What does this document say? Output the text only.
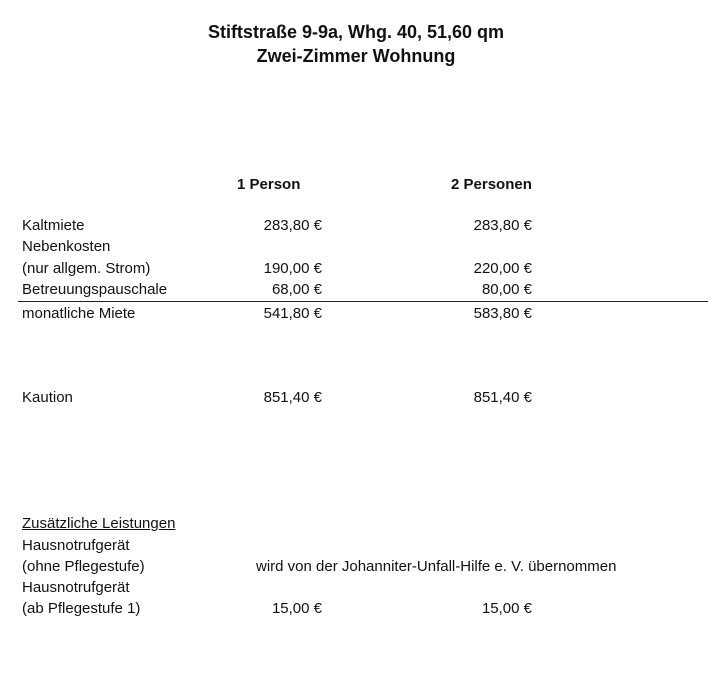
Stiftstraße 9-9a, Whg. 40, 51,60 qm
Zwei-Zimmer Wohnung
1 Person	2 Personen
Kaltmiete	283,80 €	283,80 €
Nebenkosten
(nur allgem. Strom)	190,00 €	220,00 €
Betreuungspauschale	68,00 €	80,00 €
monatliche Miete	541,80 €	583,80 €
Kaution	851,40 €	851,40 €
Zusätzliche Leistungen
Hausnotrufgerät
(ohne Pflegestufe)	wird von der Johanniter-Unfall-Hilfe e. V. übernommen
Hausnotrufgerät
(ab Pflegestufe 1)	15,00 €	15,00 €
